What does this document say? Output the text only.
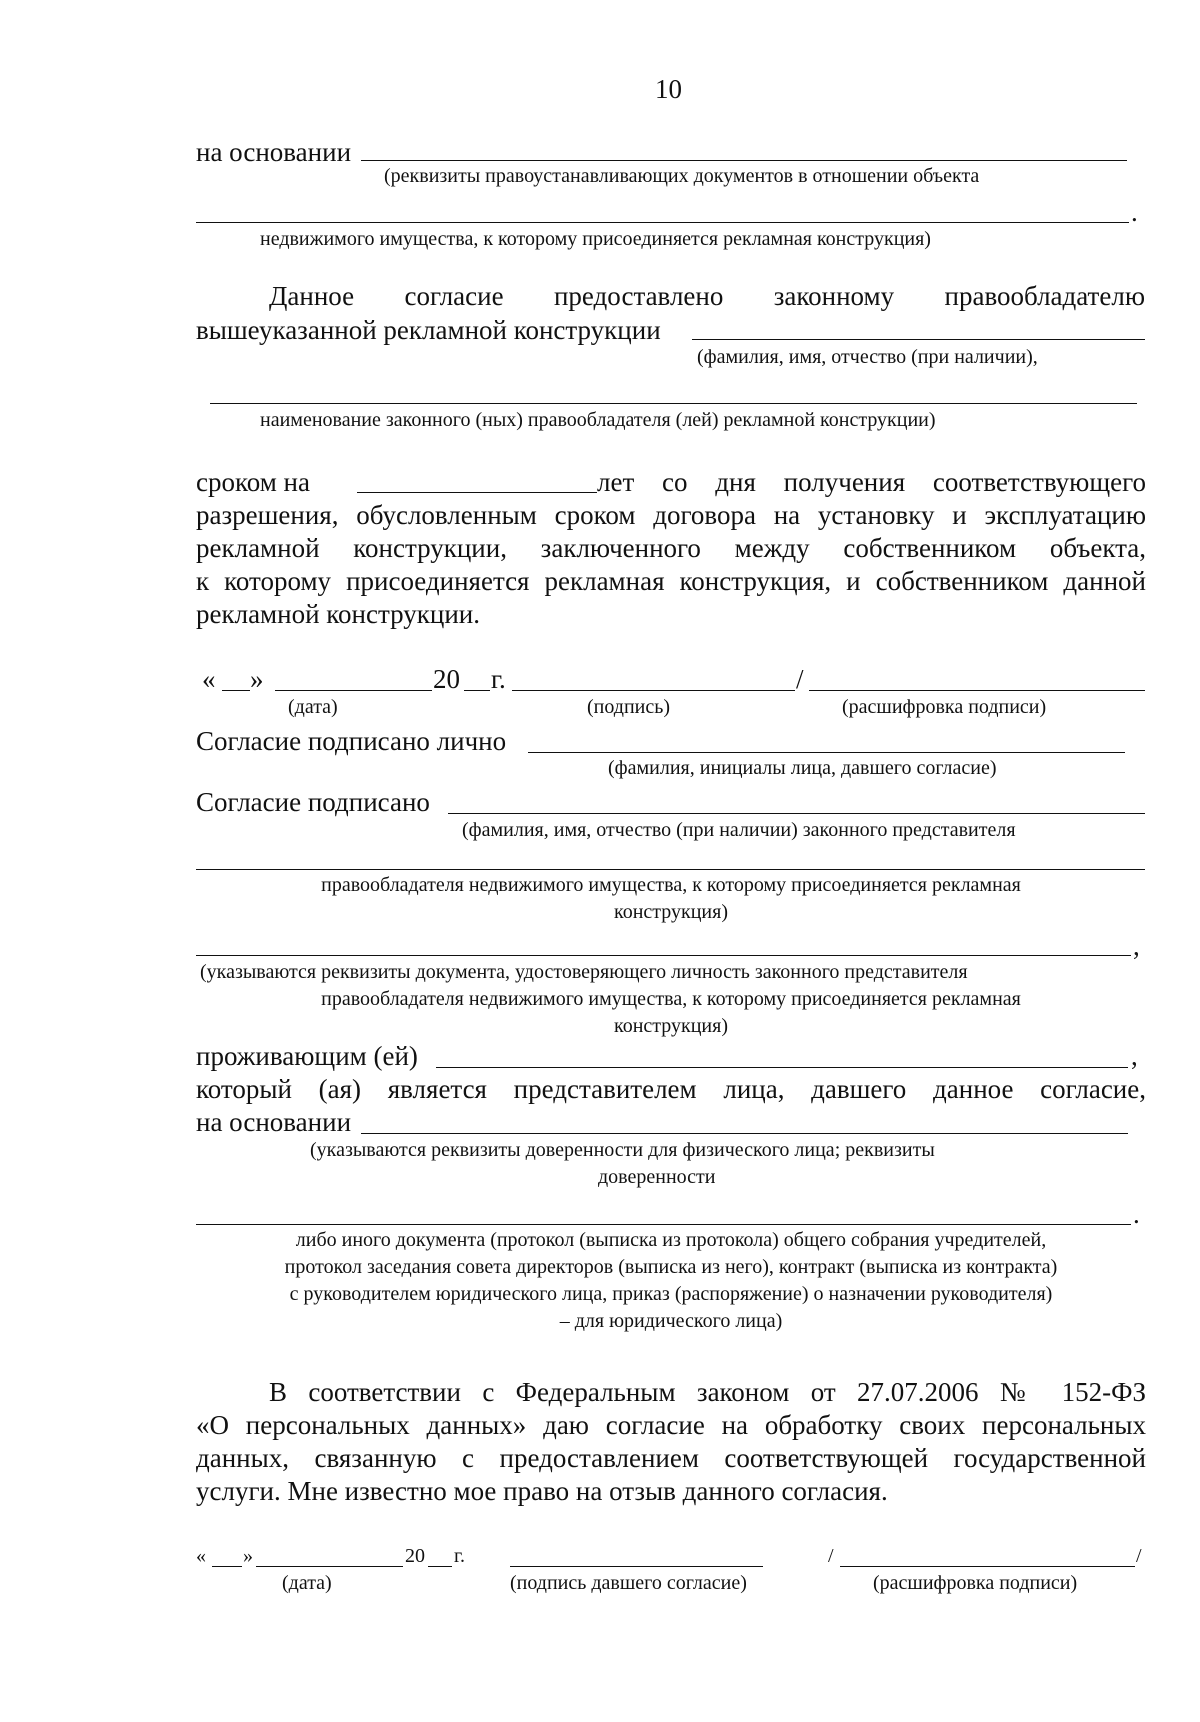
10
на основании
(реквизиты правоустанавливающих документов в отношении объекта
.
недвижимого имущества, к которому присоединяется рекламная конструкция)
Данное согласие предоставлено законному правообладателю
вышеуказанной рекламной конструкции
(фамилия, имя, отчество (при наличии),
наименование законного (ных) правообладателя (лей) рекламной конструкции)
сроком на	лет со дня получения соответствующего
разрешения, обусловленным сроком договора на установку и эксплуатацию
рекламной конструкции, заключенного между собственником объекта,
к которому присоединяется рекламная конструкция, и собственником данной
рекламной конструкции.
« »	20 г.	/
(дата)	(подпись)	(расшифровка подписи)
Согласие подписано лично
(фамилия, инициалы лица, давшего согласие)
Согласие подписано
(фамилия, имя, отчество (при наличии) законного представителя
правообладателя недвижимого имущества, к которому присоединяется рекламная
конструкция)
,
(указываются реквизиты документа, удостоверяющего личность законного представителя
правообладателя недвижимого имущества, к которому присоединяется рекламная
конструкция)
проживающим (ей)	,
который (ая) является представителем лица, давшего данное согласие,
на основании
(указываются реквизиты доверенности для физического лица; реквизиты
доверенности
.
либо иного документа (протокол (выписка из протокола) общего собрания учредителей,
протокол заседания совета директоров (выписка из него), контракт (выписка из контракта)
с руководителем юридического лица, приказ (распоряжение) о назначении руководителя)
– для юридического лица)
В соответствии с Федеральным законом от 27.07.2006 № 152-ФЗ
«О персональных данных» даю согласие на обработку своих персональных
данных, связанную с предоставлением соответствующей государственной
услуги. Мне известно мое право на отзыв данного согласия.
« »	20 г.	/	/
(дата)	(подпись давшего согласие)	(расшифровка подписи)
